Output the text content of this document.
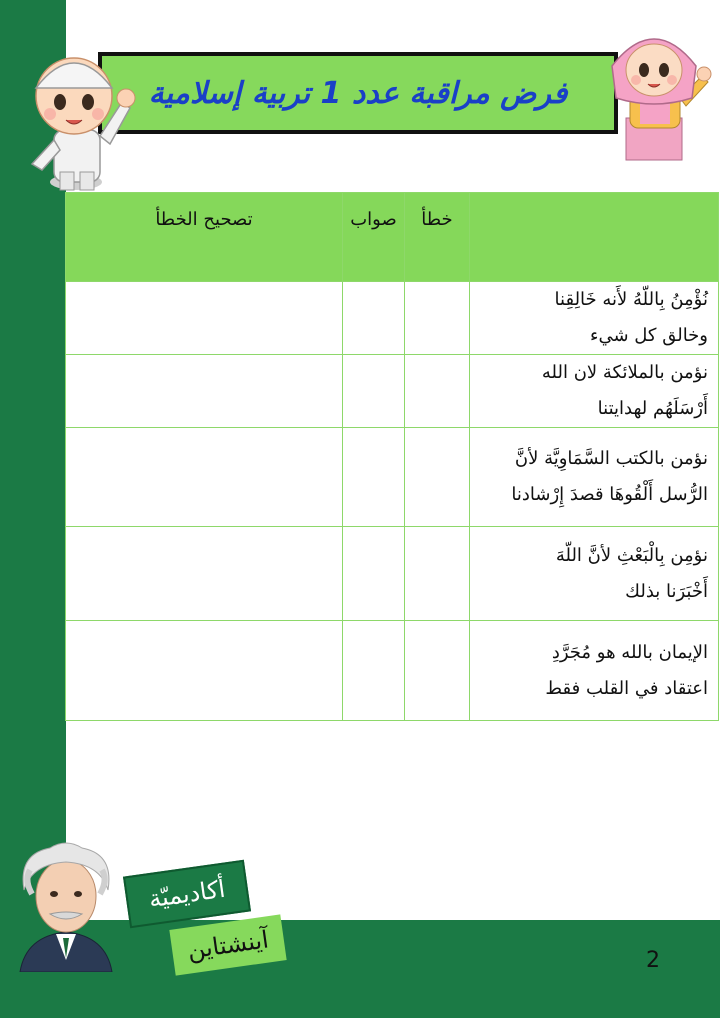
فرض مراقبة عدد 1 تربية إسلامية
	خطأ	صواب	تصحيح الخطأ

نُؤْمِنُ بِاللّهُ لأَنه خَالِقِنا
وخالق كل شيء			

نؤمن بالملائكة لان الله
أَرْسَلَهُم لهدايتنا			

نؤمن بالكتب السَّمَاوِيَّة لأنَّ
الرُّسل أَلْقُوهَا قصدَ إِرْشادنا			

نؤمِن بِالْبَعْثِ لأنَّ اللّهَ
أَخْبَرَنا بذلك			

الإيمان بالله هو مُجَرَّدِ
اعتقاد في القلب فقط			

أكاديميّة
آينشتاين	2
